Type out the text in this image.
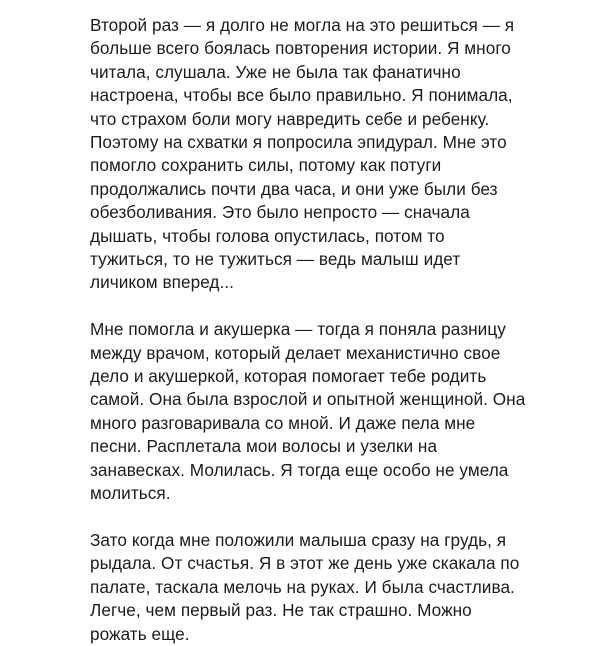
Второй раз — я долго не могла на это решиться — я
больше всего боялась повторения истории. Я много
читала, слушала. Уже не была так фанатично
настроена, чтобы все было правильно. Я понимала,
что страхом боли могу навредить себе и ребенку.
Поэтому на схватки я попросила эпидурал. Мне это
помогло сохранить силы, потому как потуги
продолжались почти два часа, и они уже были без
обезболивания. Это было непросто — сначала
дышать, чтобы голова опустилась, потом то
тужиться, то не тужиться — ведь малыш идет
личиком вперед...

Мне помогла и акушерка — тогда я поняла разницу
между врачом, который делает механистично свое
дело и акушеркой, которая помогает тебе родить
самой. Она была взрослой и опытной женщиной. Она
много разговаривала со мной. И даже пела мне
песни. Расплетала мои волосы и узелки на
занавесках. Молилась. Я тогда еще особо не умела
молиться.

Зато когда мне положили малыша сразу на грудь, я
рыдала. От счастья. Я в этот же день уже скакала по
палате, таскала мелочь на руках. И была счастлива.
Легче, чем первый раз. Не так страшно. Можно
рожать еще.
